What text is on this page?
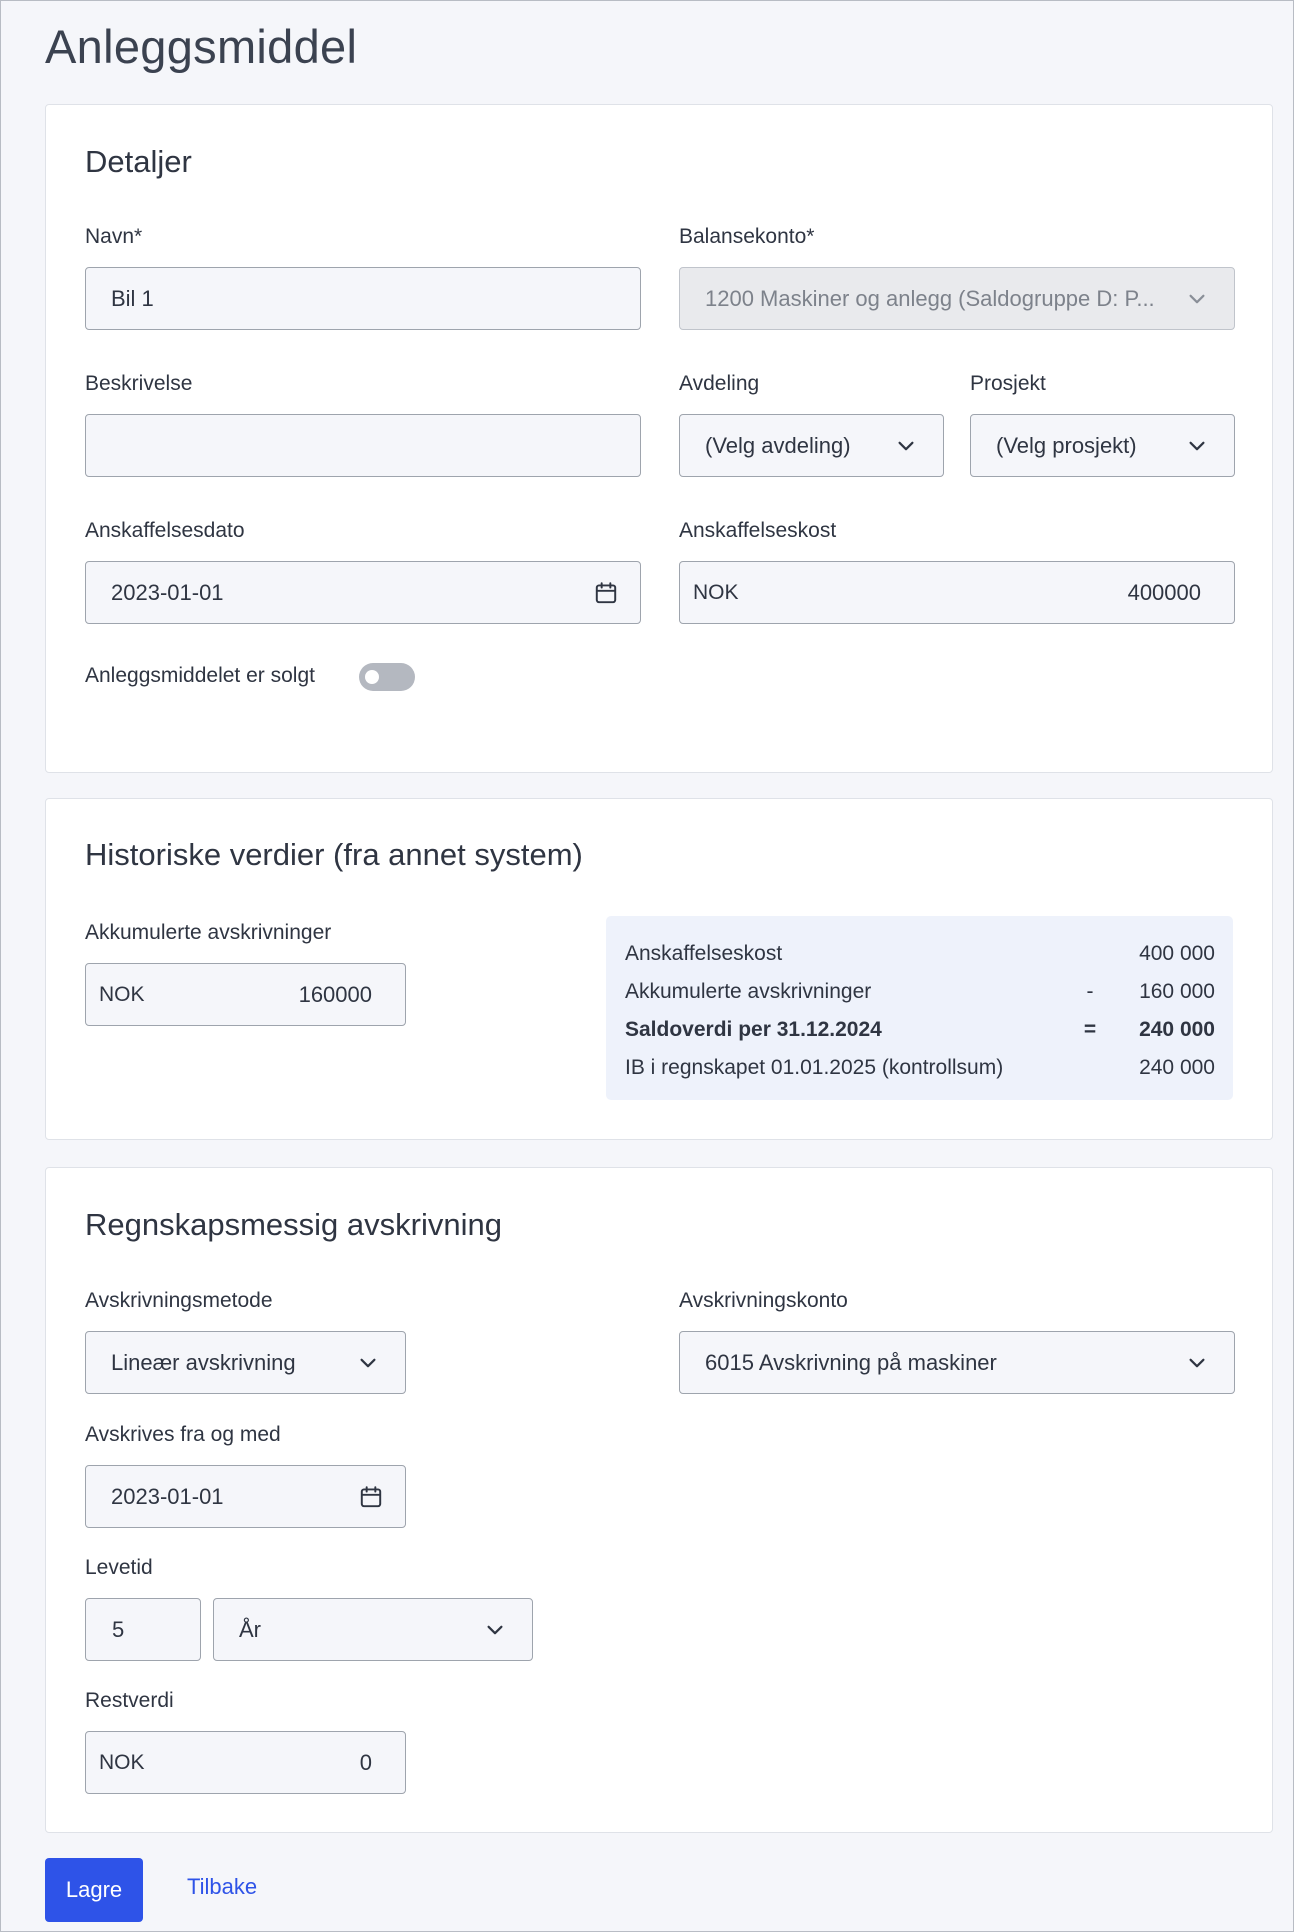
Anleggsmiddel
Detaljer
Navn*
Bil 1
Balansekonto*
1200 Maskiner og anlegg (Saldogruppe D: P...
Beskrivelse	Avdeling
(Velg avdeling)
Prosjekt
(Velg prosjekt)
Anskaffelsesdato
2023-01-01
Anskaffelseskost
NOK	400000
Anleggsmiddelet er solgt
Historiske verdier (fra annet system)
Akkumulerte avskrivninger
NOK	160000
Anskaffelseskost	400 000
Akkumulerte avskrivninger	-	160 000
Saldoverdi per 31.12.2024	=	240 000
IB i regnskapet 01.01.2025 (kontrollsum)	240 000
Regnskapsmessig avskrivning
Avskrivningsmetode
Lineær avskrivning
Avskrivningskonto
6015 Avskrivning på maskiner
Avskrives fra og med
2023-01-01
Levetid
5	År
Restverdi
NOK	0
Lagre	Tilbake
